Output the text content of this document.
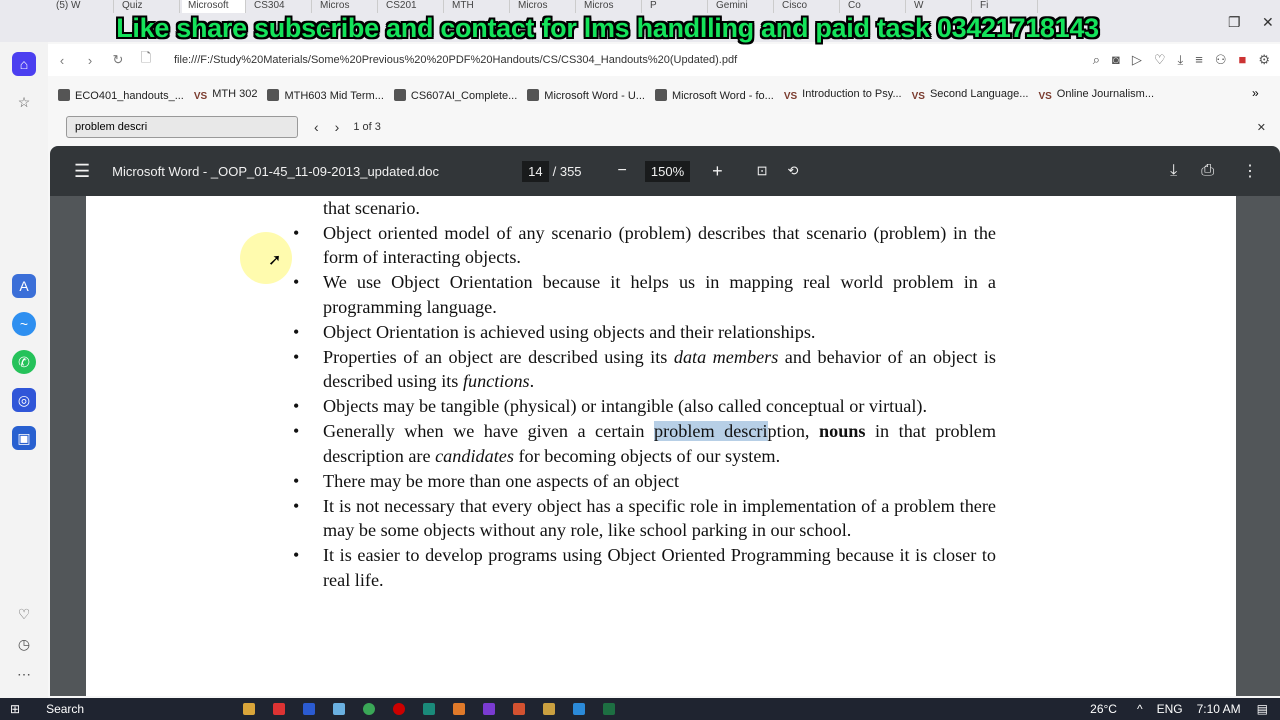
(5) W	Quiz	Microsoft	CS304	Micros	CS201	MTH	Micros	Micros	P	Gemini	Cisco	Co	W	Fi
❐ ✕
Like share subscribe and contact for lms handlling and paid task 03421718143
⌂
☆
A
~
✆
◎
▣
♡
◷
⋯
‹	›	↻	🗋	file:///F:/Study%20Materials/Some%20Previous%20%20PDF%20Handouts/CS/CS304_Handouts%20(Updated).pdf	⌕ ◙ ▷ ♡ ⤓ ≡ ⚇ ■ ⚙
ECO401_handouts_... VS MTH 302	MTH603 Mid Term...	CS607AI_Complete...	Microsoft Word - U...	Microsoft Word - fo... VS Introduction to Psy... VS Second Language... VS Online Journalism...	»
problem descri
‹ › 1 of 3	✕
☰ Microsoft Word - _OOP_01-45_11-09-2013_updated.doc	14 / 355 −	150%	+	⊡ ⟲	⤓ ⎙ ⋮
that scenario.
• Object oriented model of any scenario (problem) describes that scenario (problem) in the form of interacting objects.
• We use Object Orientation because it helps us in mapping real world problem in a programming language.
• Object Orientation is achieved using objects and their relationships.
• Properties of an object are described using its data members and behavior of an object is described using its functions.
• Objects may be tangible (physical) or intangible (also called conceptual or virtual).
• Generally when we have given a certain problem description, nouns in that problem description are candidates for becoming objects of our system.
• There may be more than one aspects of an object
• It is not necessary that every object has a specific role in implementation of a problem there may be some objects without any role, like school parking in our school.
• It is easier to develop programs using Object Oriented Programming because it is closer to real life.
➚
⊞ Search	26°C ^ ENG 7:10 AM ▤
